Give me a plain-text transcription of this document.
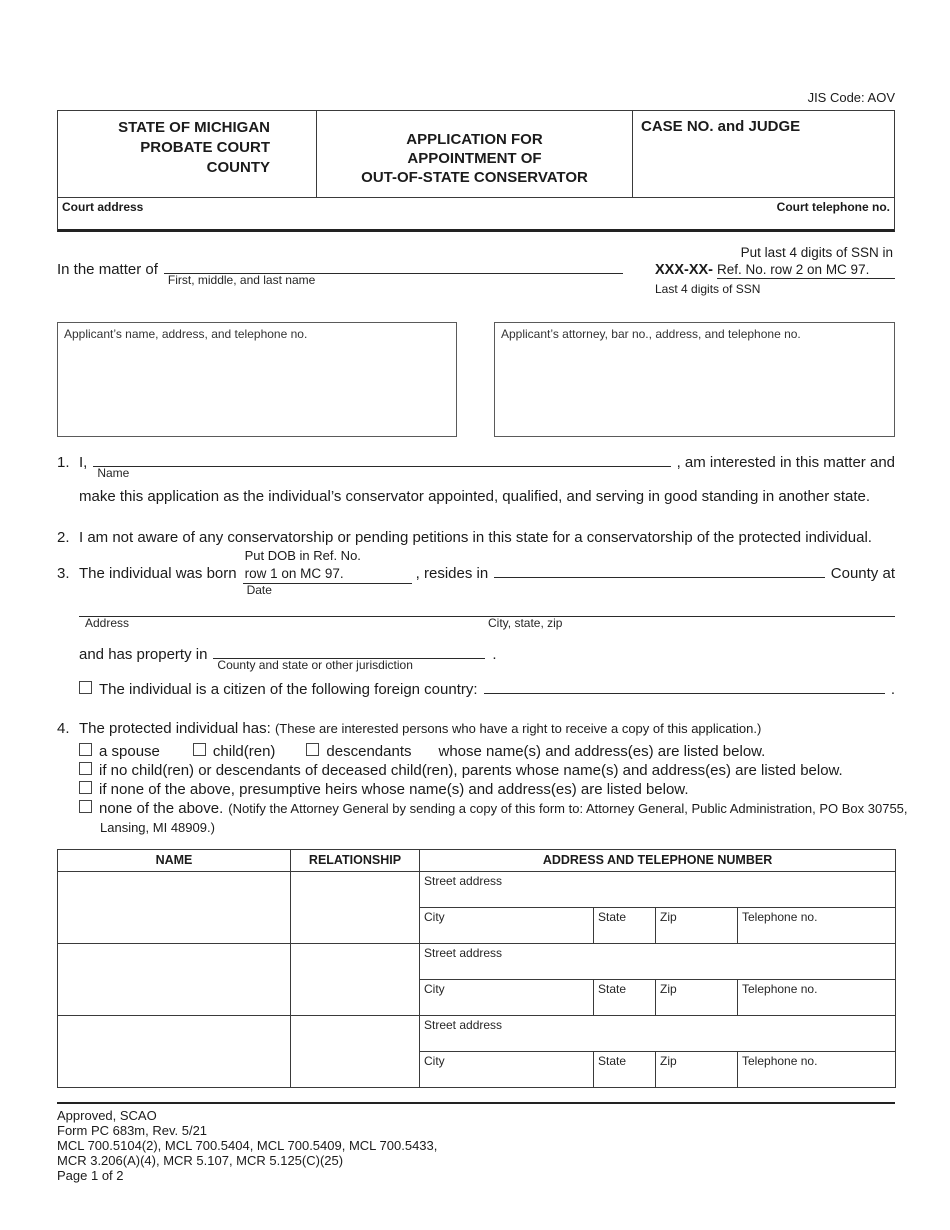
JIS Code: AOV
STATE OF MICHIGAN
PROBATE COURT
COUNTY
APPLICATION FOR
APPOINTMENT OF
OUT-OF-STATE CONSERVATOR
CASE NO. and JUDGE
Court address	Court telephone no.
In the matter of
First, middle, and last name
Put last 4 digits of SSN in
XXX-XX- Ref. No. row 2 on MC 97.
Last 4 digits of SSN
Applicant’s name, address, and telephone no.	Applicant’s attorney, bar no., address, and telephone no.
1. I,
Name
, am interested in this matter and
make this application as the individual’s conservator appointed, qualified, and serving in good standing in another state.
2. I am not aware of any conservatorship or pending petitions in this state for a conservatorship of the protected individual.
3. The individual was born
Put DOB in Ref. No.
row 1 on MC 97.
Date
, resides in	County at
Address	City, state, zip
and has property in
County and state or other jurisdiction
.
The individual is a citizen of the following foreign country:	.
4. The protected individual has: (These are interested persons who have a right to receive a copy of this application.)
a spouse	child(ren)	descendants whose name(s) and address(es) are listed below.
if no child(ren) or descendants of deceased child(ren), parents whose name(s) and address(es) are listed below.
if none of the above, presumptive heirs whose name(s) and address(es) are listed below.
none of the above. (Notify the Attorney General by sending a copy of this form to: Attorney General, Public Administration, PO Box 30755,
Lansing, MI 48909.)
NAME	RELATIONSHIP	ADDRESS AND TELEPHONE NUMBER			
		Street address			
		City	State	Zip	Telephone no.
		Street address			
		City	State	Zip	Telephone no.
		Street address			
		City	State	Zip	Telephone no.
Approved, SCAO
Form PC 683m, Rev. 5/21
MCL 700.5104(2), MCL 700.5404, MCL 700.5409, MCL 700.5433,
MCR 3.206(A)(4), MCR 5.107, MCR 5.125(C)(25)
Page 1 of 2
